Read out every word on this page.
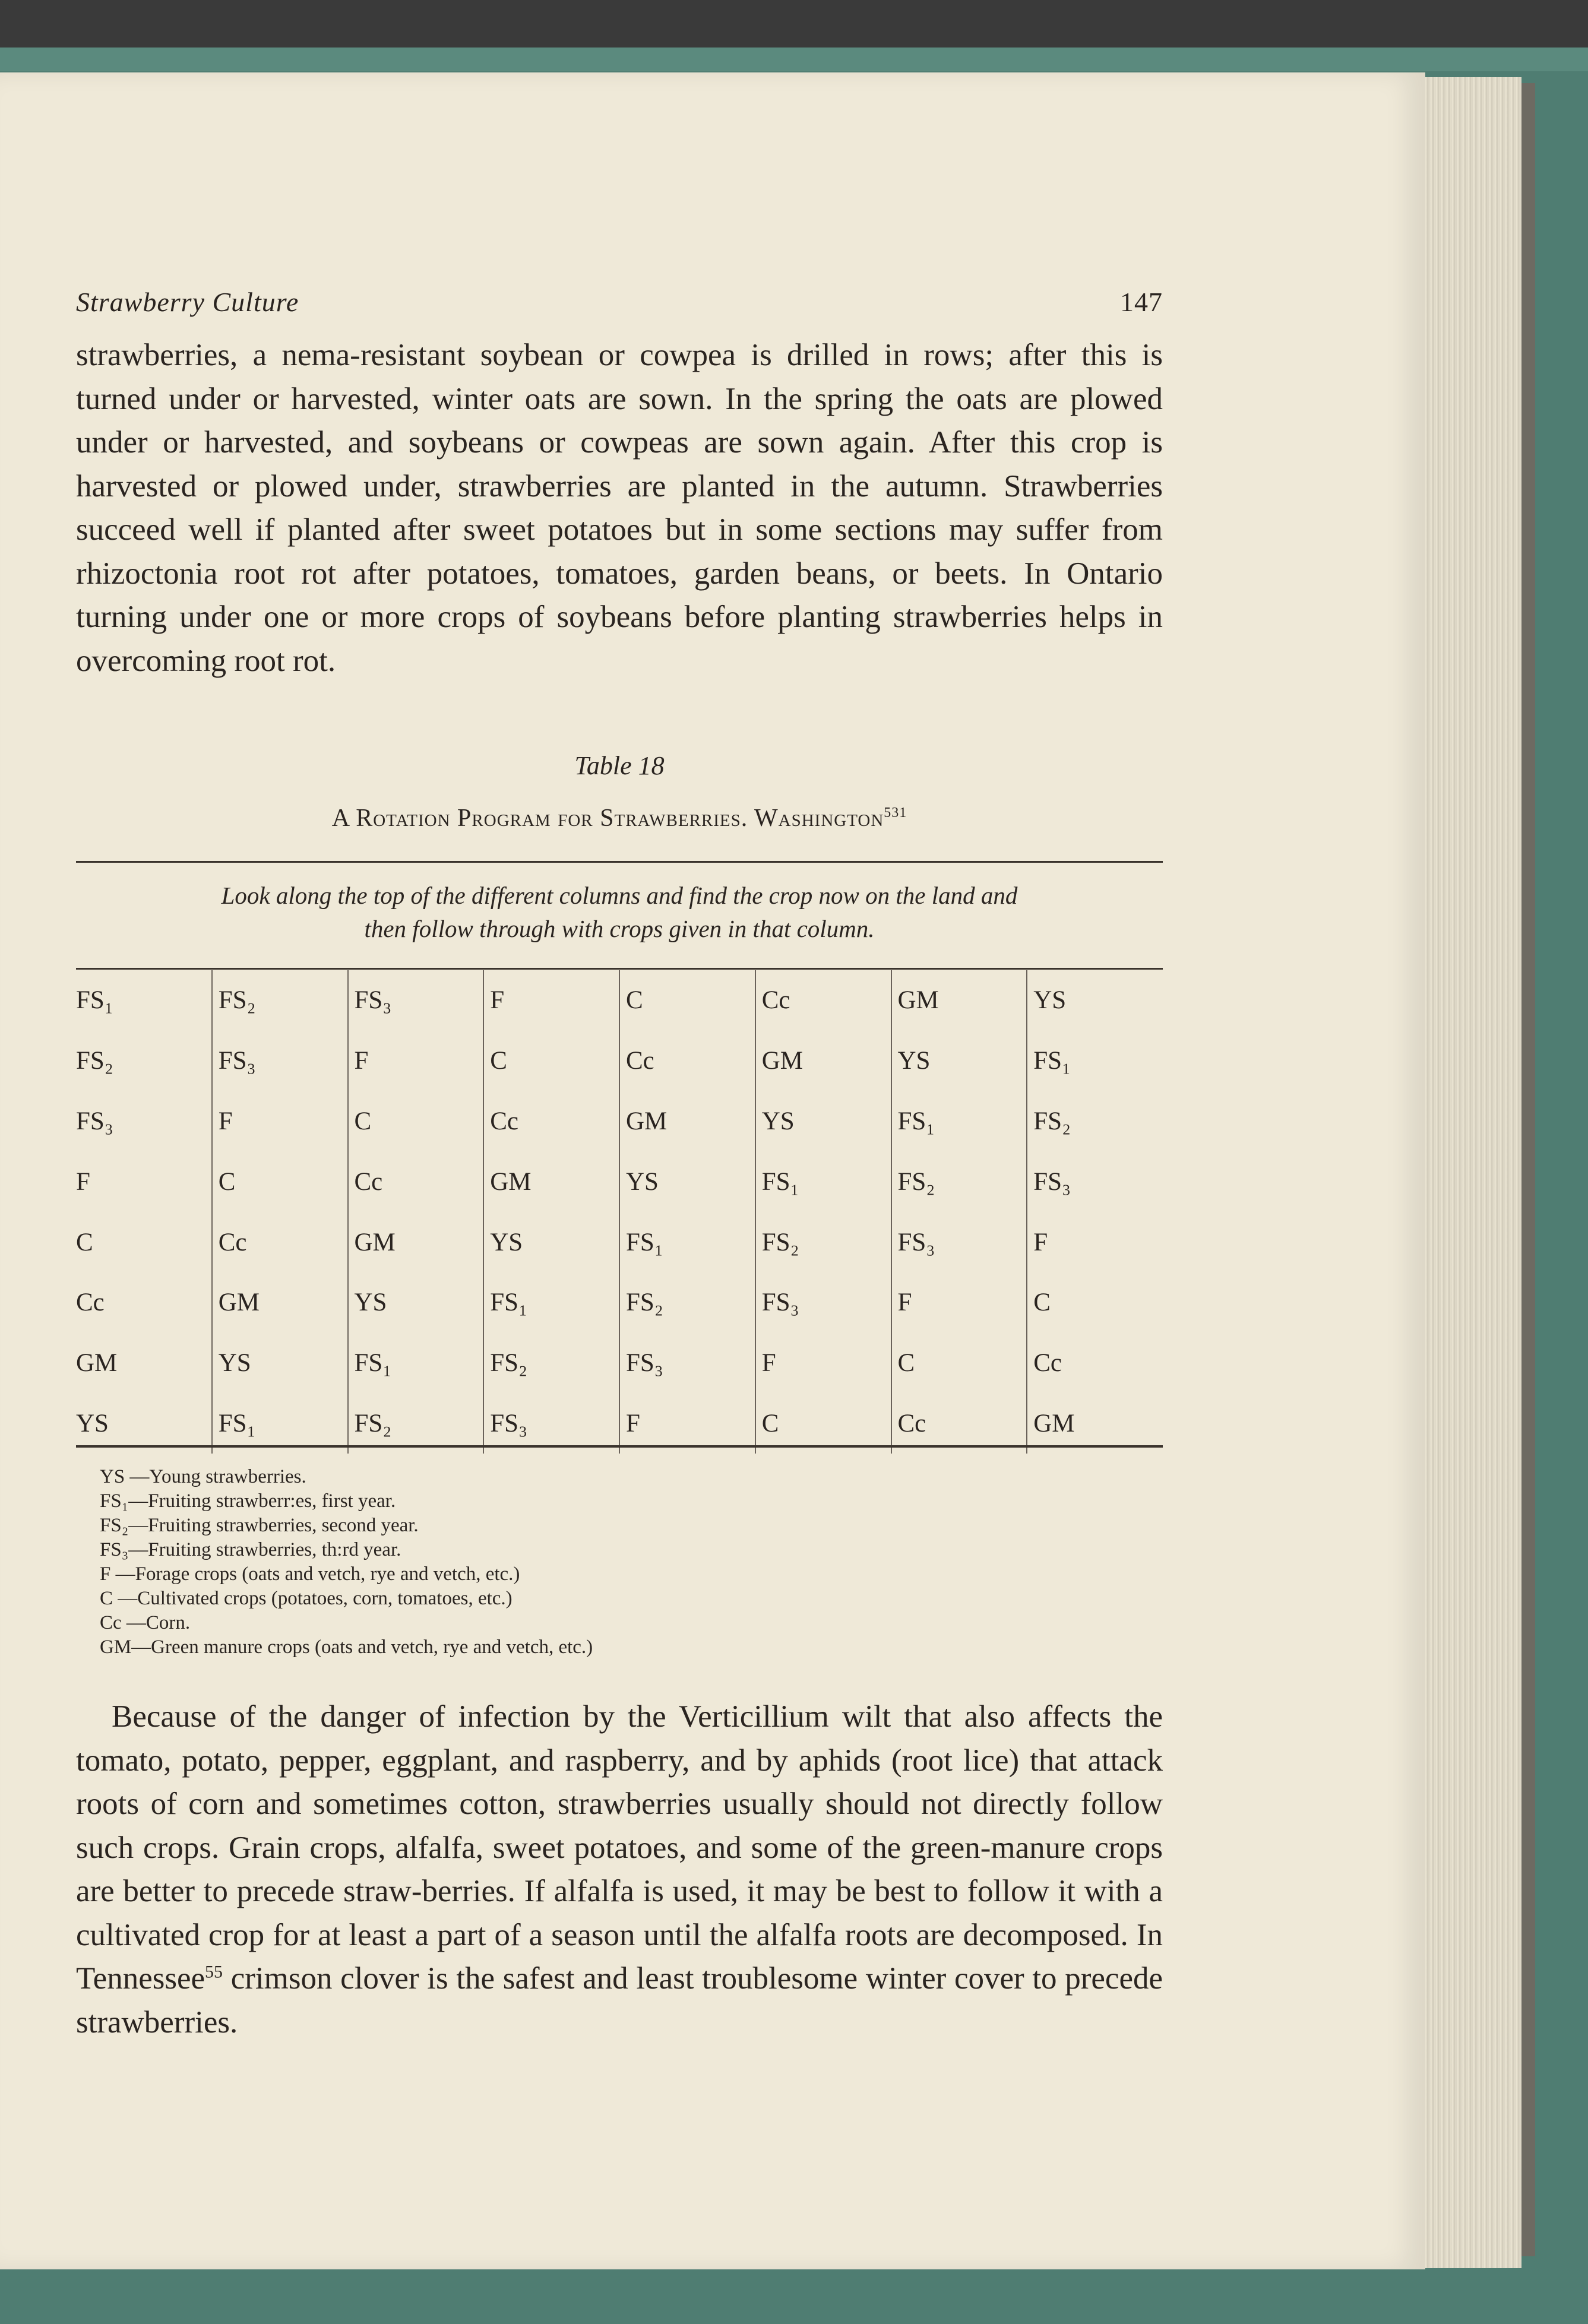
Strawberry Culture	147

strawberries, a nema-resistant soybean or cowpea is drilled in rows; after this is turned under or harvested, winter oats are sown. In the spring the oats are plowed under or harvested, and soybeans or cowpeas are sown again. After this crop is harvested or plowed under, strawberries are planted in the autumn. Strawberries succeed well if planted after sweet potatoes but in some sections may suffer from rhizoctonia root rot after potatoes, tomatoes, garden beans, or beets. In Ontario turning under one or more crops of soybeans before planting strawberries helps in overcoming root rot.

Table 18
A Rotation Program for Strawberries. Washington$^{531}$
Look along the top of the different columns and find the crop now on the land and
then follow through with crops given in that column.
FS₁	FS₂	FS₃	F	C	Cc	GM	YS
FS₂	FS₃	F	C	Cc	GM	YS	FS₁
FS₃	F	C	Cc	GM	YS	FS₁	FS₂
F	C	Cc	GM	YS	FS₁	FS₂	FS₃
C	Cc	GM	YS	FS₁	FS₂	FS₃	F
Cc	GM	YS	FS₁	FS₂	FS₃	F	C
GM	YS	FS₁	FS₂	FS₃	F	C	Cc
YS	FS₁	FS₂	FS₃	F	C	Cc	GM
YS —Young strawberries.
FS₁—Fruiting strawberr:es, first year.
FS₂—Fruiting strawberries, second year.
FS₃—Fruiting strawberries, th:rd year.
F —Forage crops (oats and vetch, rye and vetch, etc.)
C —Cultivated crops (potatoes, corn, tomatoes, etc.)
Cc —Corn.
GM—Green manure crops (oats and vetch, rye and vetch, etc.)

Because of the danger of infection by the Verticillium wilt that also affects the tomato, potato, pepper, eggplant, and raspberry, and by aphids (root lice) that attack roots of corn and sometimes cotton, strawberries usually should not directly follow such crops. Grain crops, alfalfa, sweet potatoes, and some of the green-manure crops are better to precede straw-berries. If alfalfa is used, it may be best to follow it with a cultivated crop for at least a part of a season until the alfalfa roots are decomposed. In Tennessee$^{55}$ crimson clover is the safest and least troublesome winter cover to precede strawberries.
